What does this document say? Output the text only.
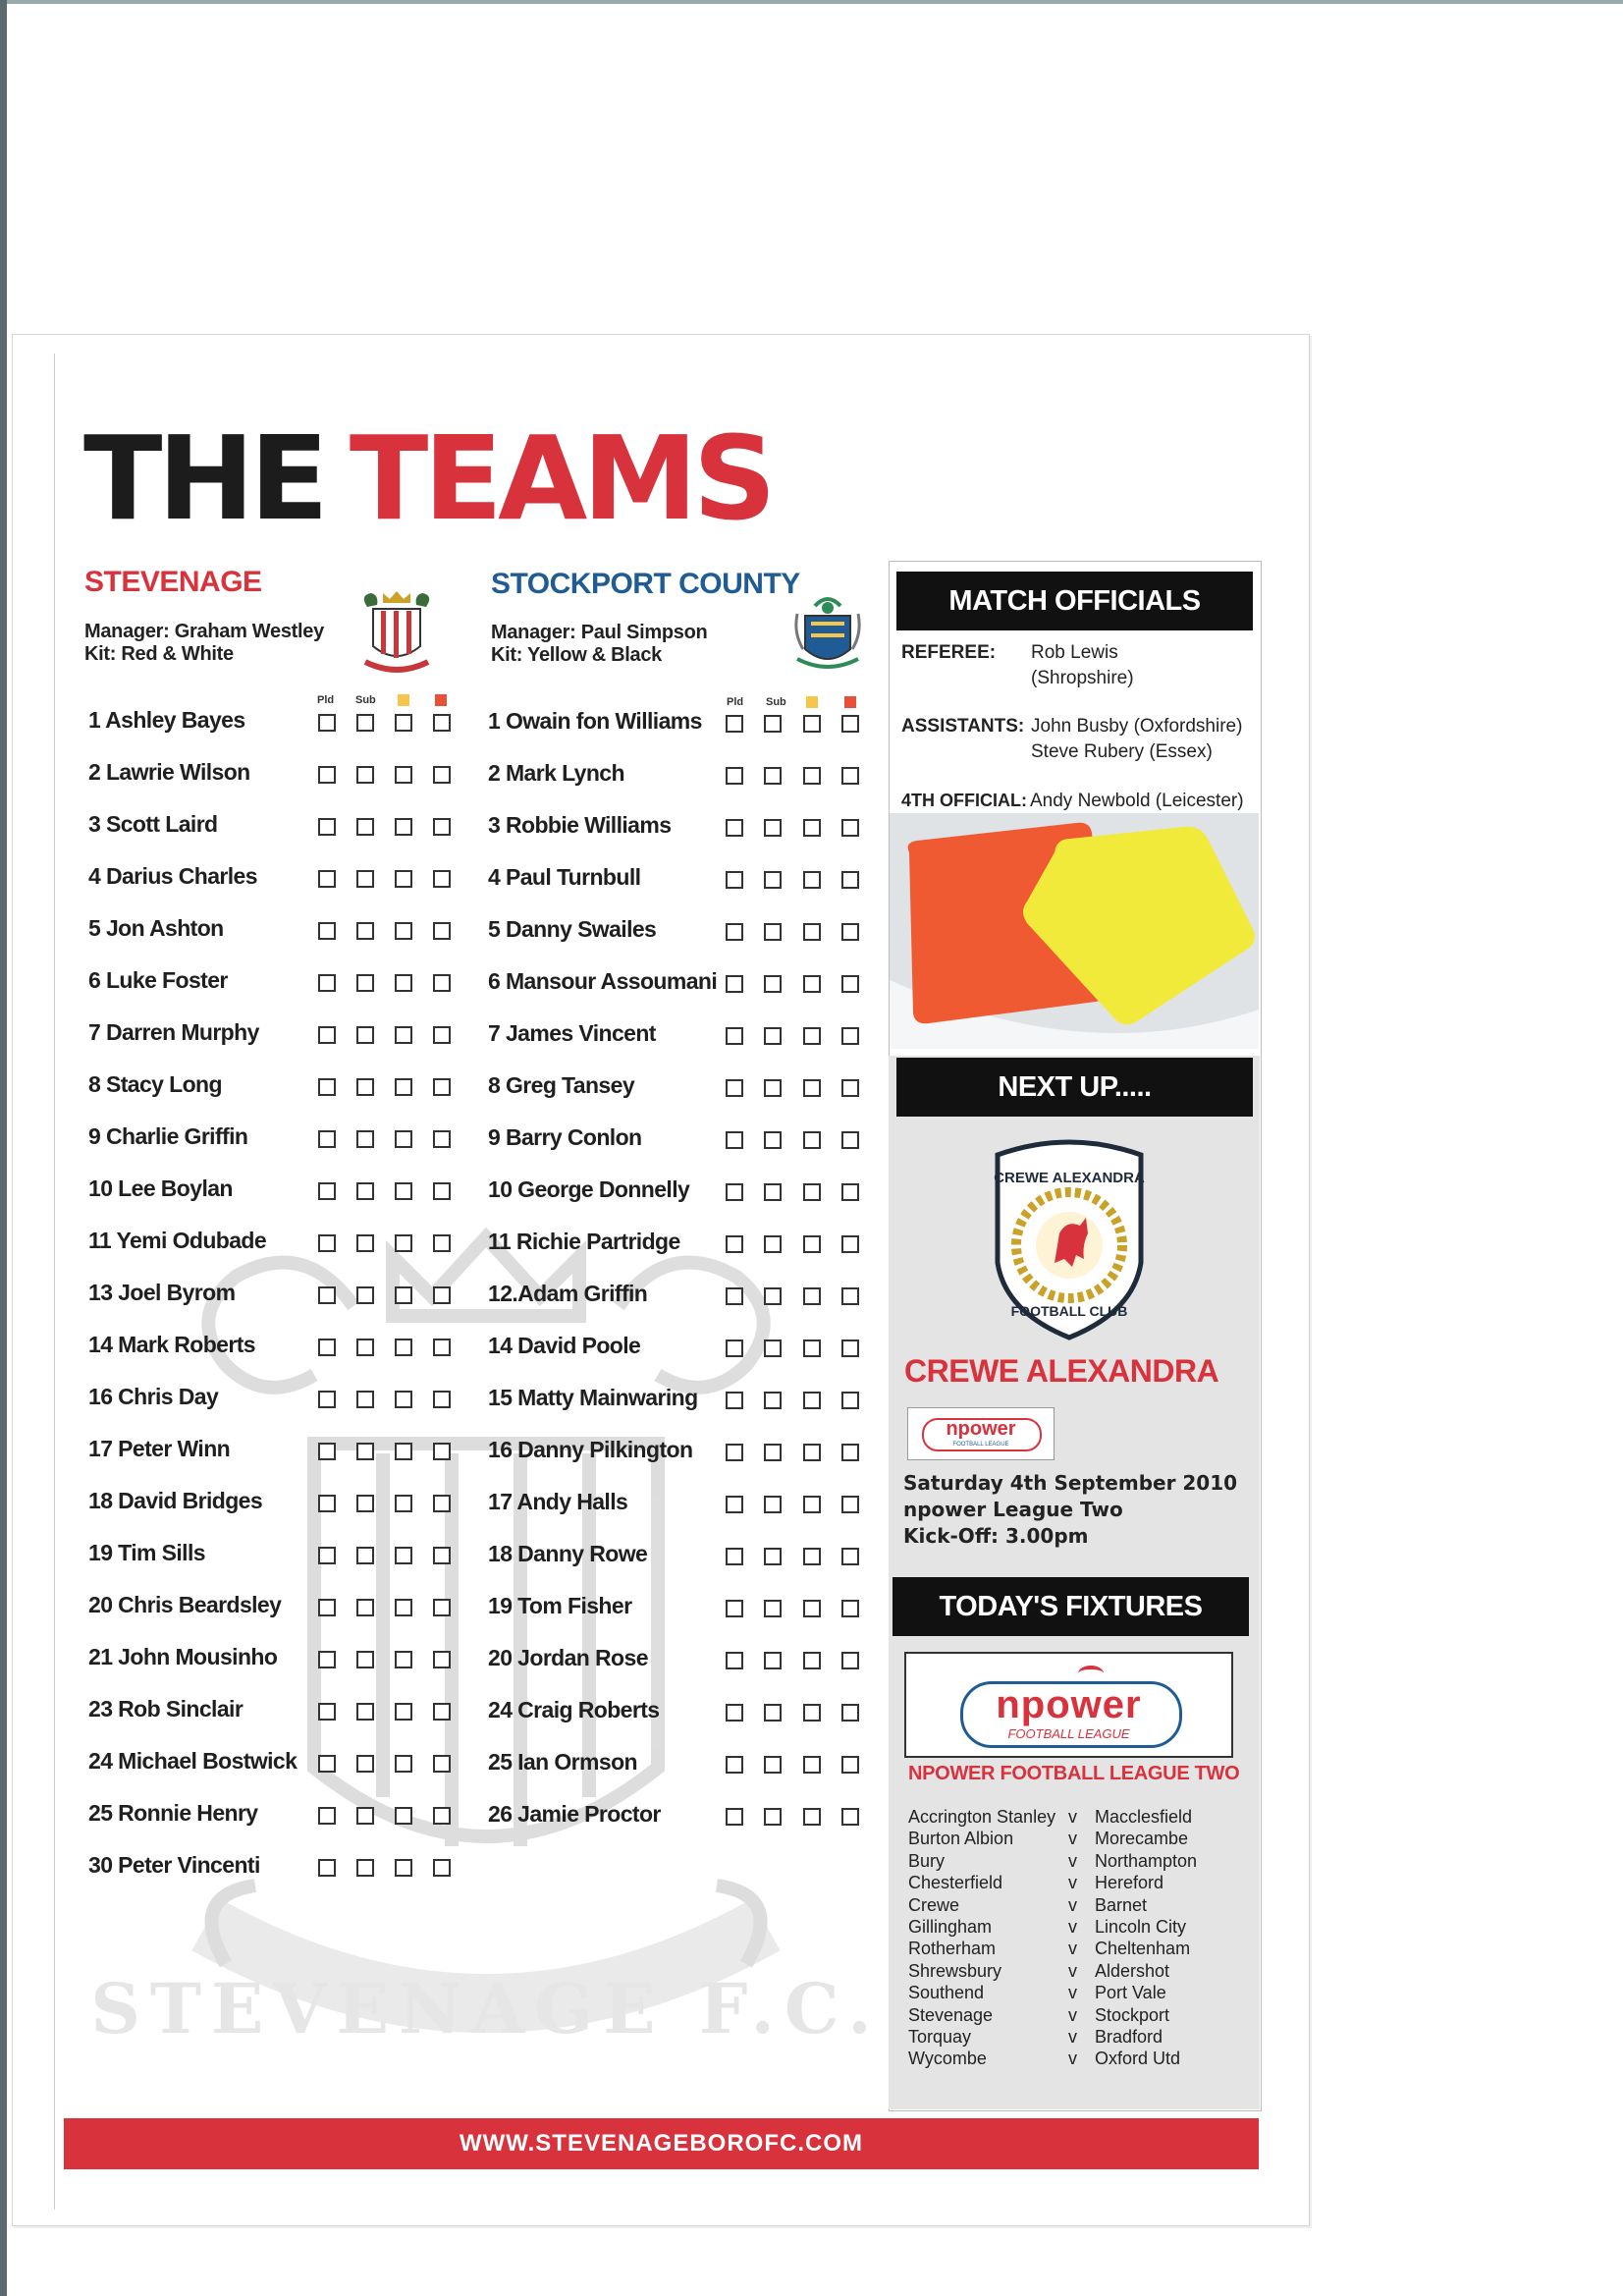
STEVENAGE F.C.
THE TEAMS
STEVENAGE
Manager: Graham Westley
Kit: Red & White
STOCKPORT COUNTY
Manager: Paul Simpson
Kit: Yellow & Black
Pld Sub	Pld Sub
1 Ashley Bayes
2 Lawrie Wilson
3 Scott Laird
4 Darius Charles
5 Jon Ashton
6 Luke Foster
7 Darren Murphy
8 Stacy Long
9 Charlie Griffin
10 Lee Boylan
11 Yemi Odubade
13 Joel Byrom
14 Mark Roberts
16 Chris Day
17 Peter Winn
18 David Bridges
19 Tim Sills
20 Chris Beardsley
21 John Mousinho
23 Rob Sinclair
24 Michael Bostwick
25 Ronnie Henry
30 Peter Vincenti
1 Owain fon Williams
2 Mark Lynch
3 Robbie Williams
4 Paul Turnbull
5 Danny Swailes
6 Mansour Assoumani
7 James Vincent
8 Greg Tansey
9 Barry Conlon
10 George Donnelly
11 Richie Partridge
12.Adam Griffin
14 David Poole
15 Matty Mainwaring
16 Danny Pilkington
17 Andy Halls
18 Danny Rowe
19 Tom Fisher
20 Jordan Rose
24 Craig Roberts
25 Ian Ormson
26 Jamie Proctor
MATCH OFFICIALS
REFEREE: Rob Lewis
(Shropshire)
ASSISTANTS: John Busby (Oxfordshire)
Steve Rubery (Essex)
4TH OFFICIAL: Andy Newbold (Leicester)
NEXT UP.....
CREWE ALEXANDRA
FOOTBALL CLUB
CREWE ALEXANDRA
npower
FOOTBALL LEAGUE
Saturday 4th September 2010
npower League Two
Kick-Off: 3.00pm
TODAY'S FIXTURES
npower
FOOTBALL LEAGUE
NPOWER FOOTBALL LEAGUE TWO
Accrington Stanley v Macclesfield
Burton Albion	v Morecambe
Bury	v Northampton
Chesterfield	v Hereford
Crewe	v Barnet
Gillingham	v Lincoln City
Rotherham	v Cheltenham
Shrewsbury	v Aldershot
Southend	v Port Vale
Stevenage	v Stockport
Torquay	v Bradford
Wycombe	v Oxford Utd
WWW.STEVENAGEBOROFC.COM
